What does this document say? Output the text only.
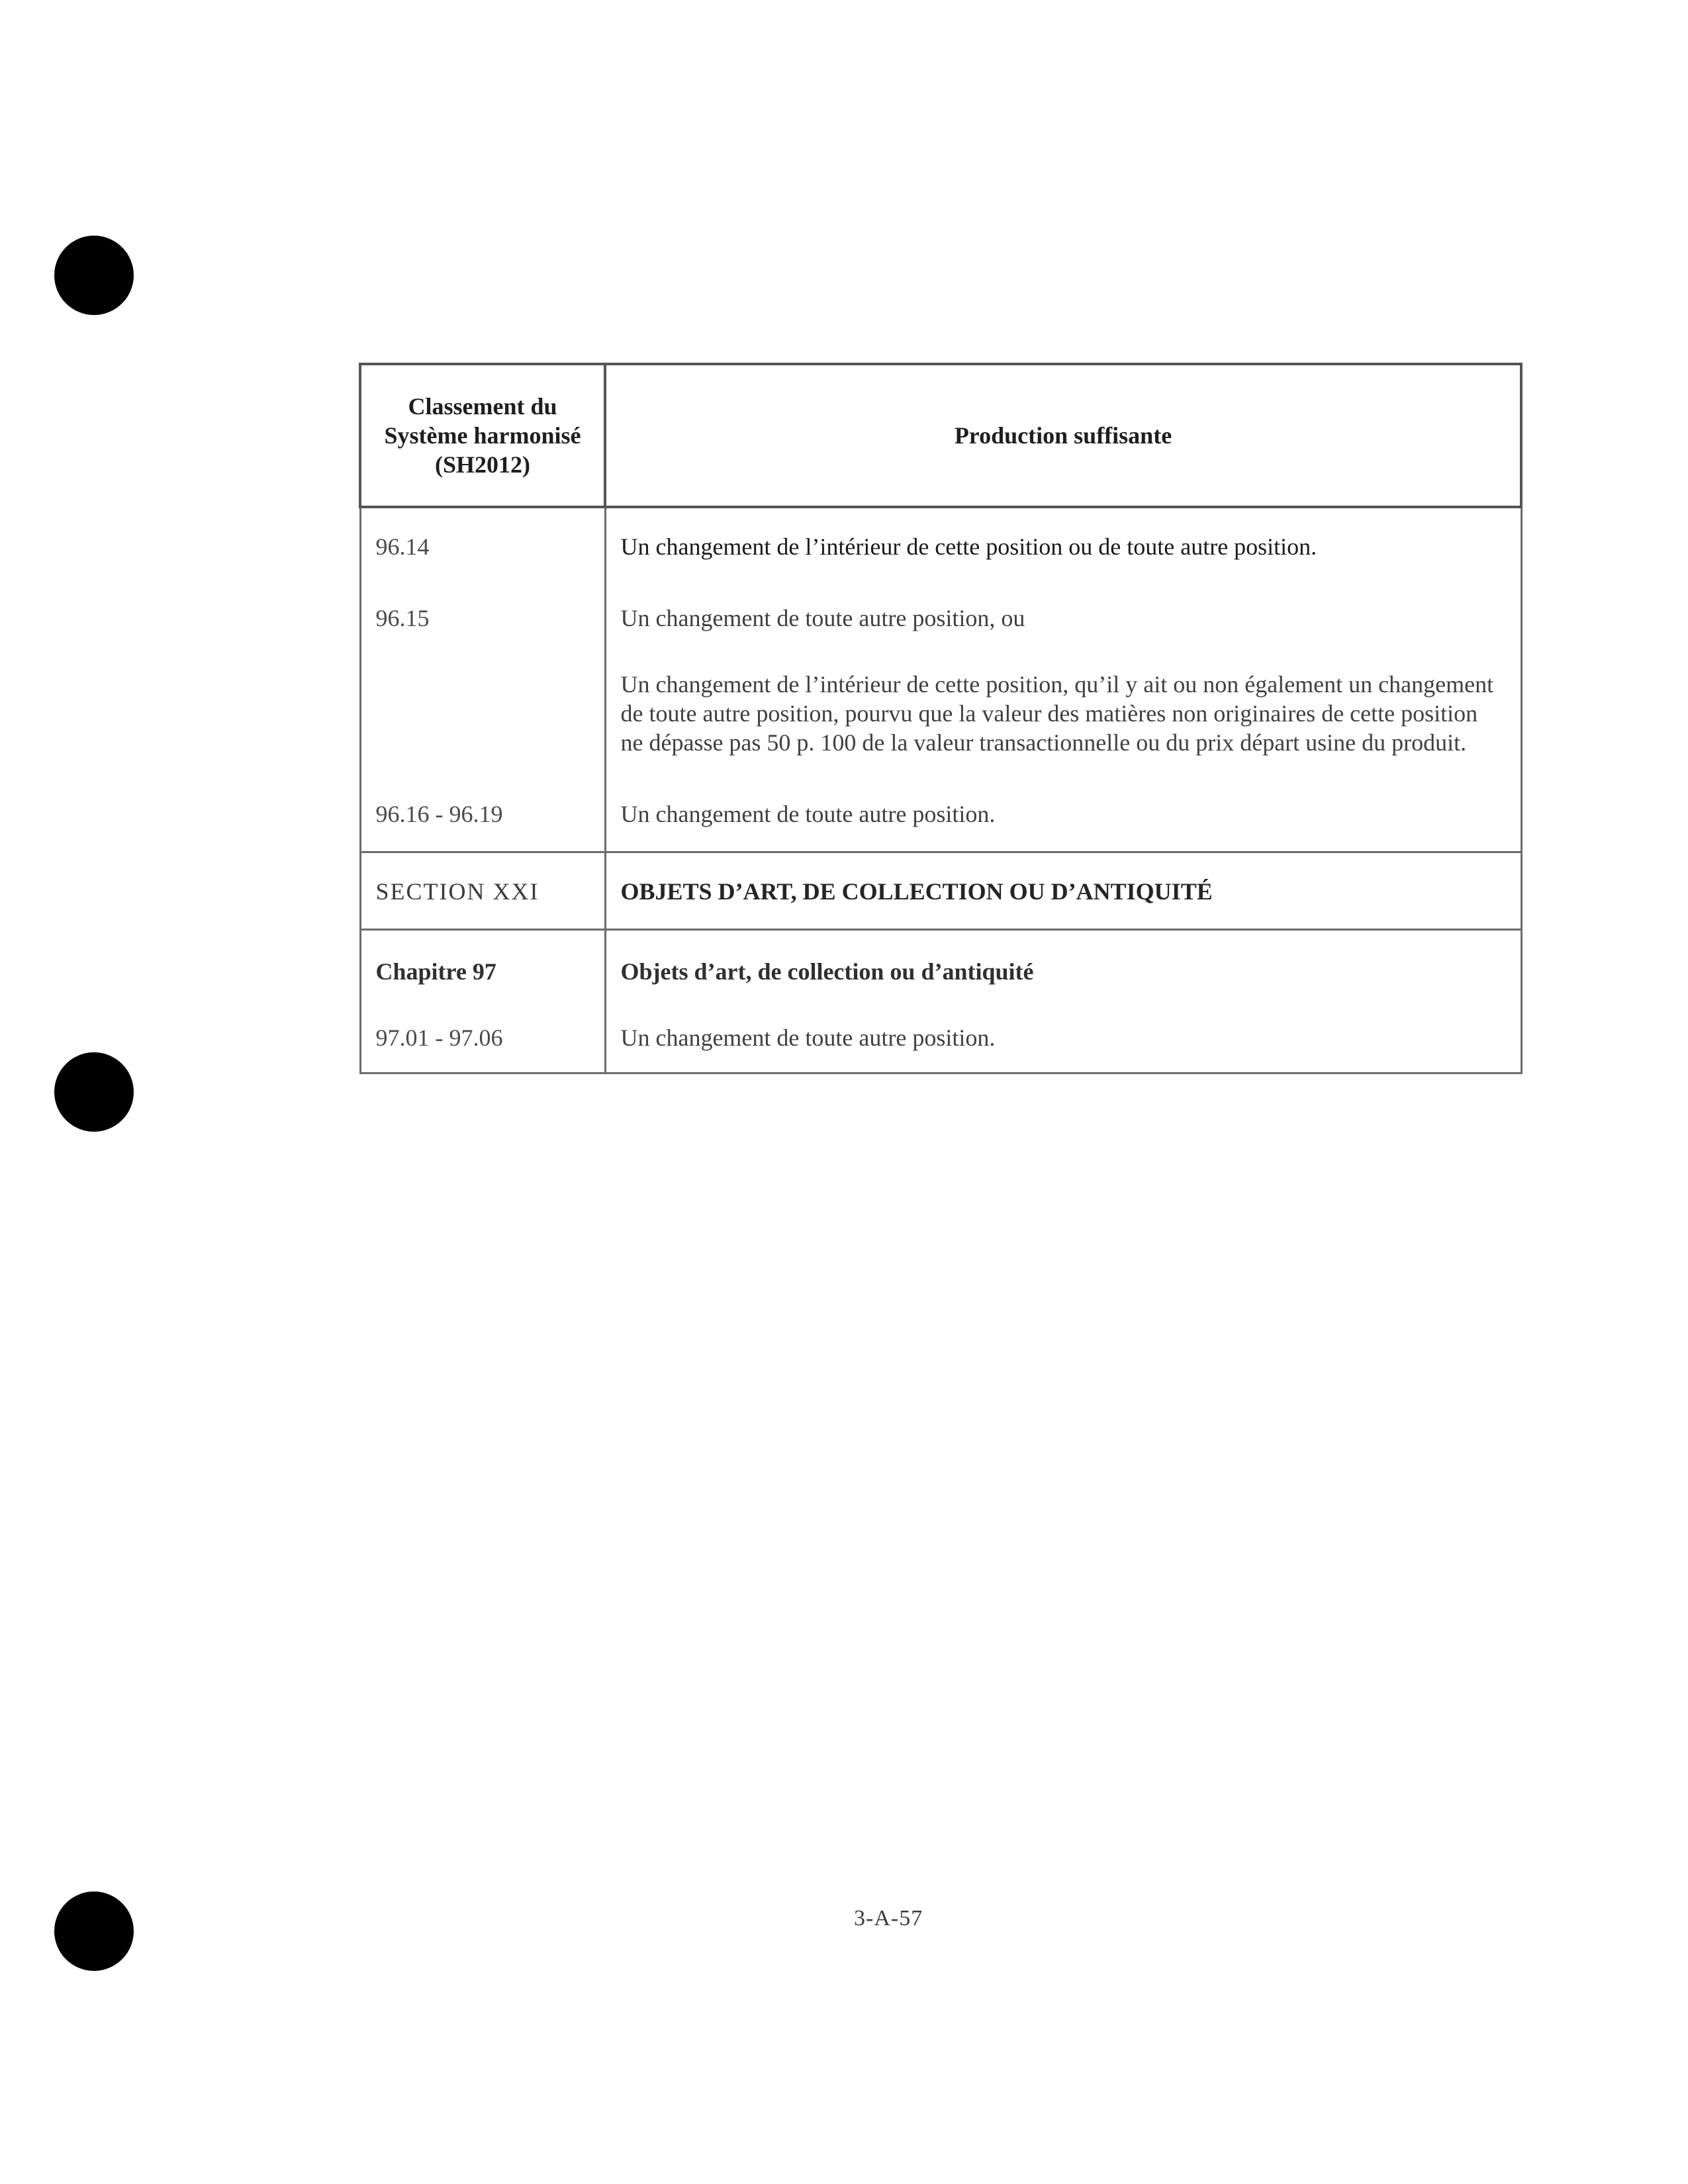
Classement du
Système harmonisé
(SH2012)	Production suffisante
96.14	Un changement de l’intérieur de cette position ou de toute autre position.
96.15	Un changement de toute autre position, ou
	Un changement de l’intérieur de cette position, qu’il y ait ou non également un changement de toute autre position, pourvu que la valeur des matières non originaires de cette position ne dépasse pas 50 p. 100 de la valeur transactionnelle ou du prix départ usine du produit.
96.16 - 96.19	Un changement de toute autre position.
SECTION XXI	OBJETS D’ART, DE COLLECTION OU D’ANTIQUITÉ
Chapitre 97	Objets d’art, de collection ou d’antiquité
97.01 - 97.06	Un changement de toute autre position.
3-A-57
